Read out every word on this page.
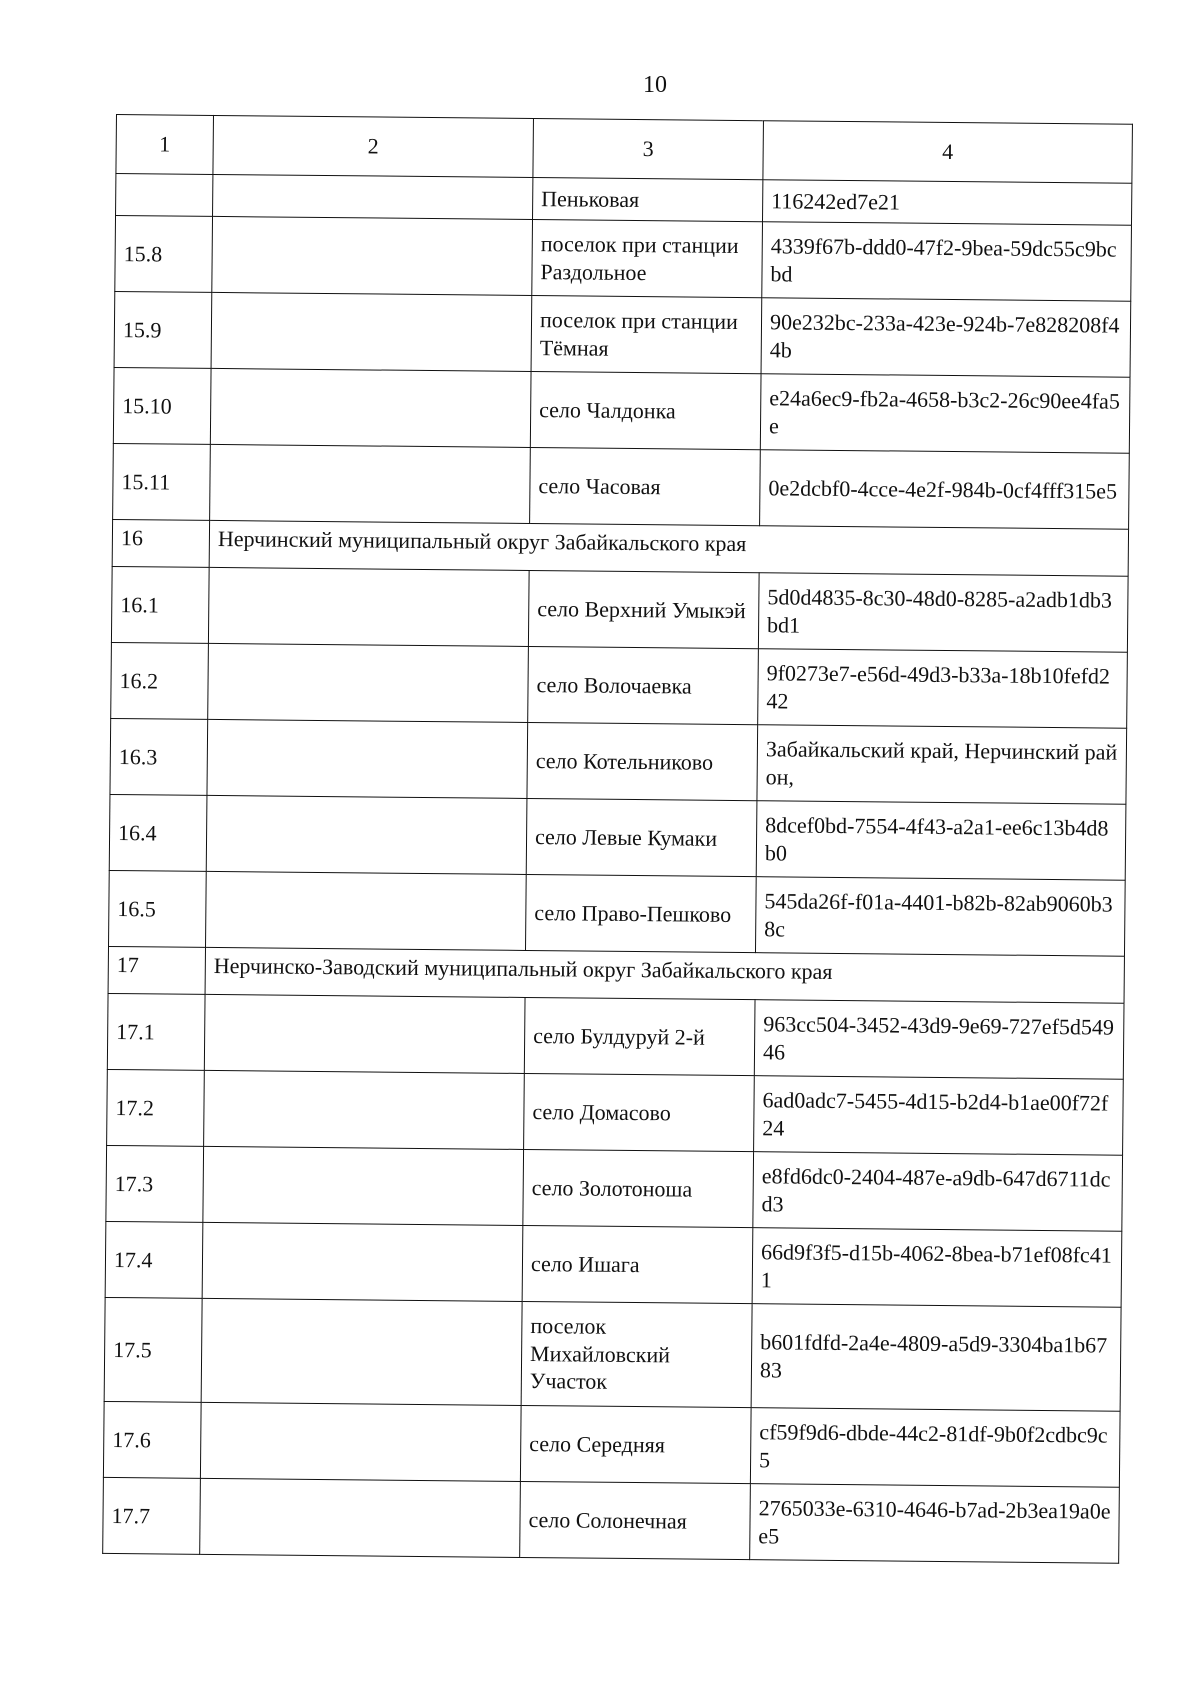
10
1	2	3	4
		Пеньковая	116242ed7e21
15.8		поселок при станции Раздольное	4339f67b-ddd0-47f2-9bea-59dc55c9bcbd
15.9		поселок при станции Тёмная	90e232bc-233a-423e-924b-7e828208f44b
15.10		село Чалдонка	e24a6ec9-fb2a-4658-b3c2-26c90ee4fa5e
15.11		село Часовая	0e2dcbf0-4cce-4e2f-984b-0cf4fff315e5
16	Нерчинский муниципальный округ Забайкальского края		
16.1		село Верхний Умыкэй	5d0d4835-8c30-48d0-8285-a2adb1db3bd1
16.2		село Волочаевка	9f0273e7-e56d-49d3-b33a-18b10fefd242
16.3		село Котельниково	Забайкальский край, Нерчинский район,
16.4		село Левые Кумаки	8dcef0bd-7554-4f43-a2a1-ee6c13b4d8b0
16.5		село Право-Пешково	545da26f-f01a-4401-b82b-82ab9060b38c
17	Нерчинско-Заводский муниципальный округ Забайкальского края		
17.1		село Булдуруй 2-й	963cc504-3452-43d9-9e69-727ef5d54946
17.2		село Домасово	6ad0adc7-5455-4d15-b2d4-b1ae00f72f24
17.3		село Золотоноша	e8fd6dc0-2404-487e-a9db-647d6711dcd3
17.4		село Ишага	66d9f3f5-d15b-4062-8bea-b71ef08fc411
17.5		поселок Михайловский Участок	b601fdfd-2a4e-4809-a5d9-3304ba1b6783
17.6		село Середняя	cf59f9d6-dbde-44c2-81df-9b0f2cdbc9c5
17.7		село Солонечная	2765033e-6310-4646-b7ad-2b3ea19a0ee5
